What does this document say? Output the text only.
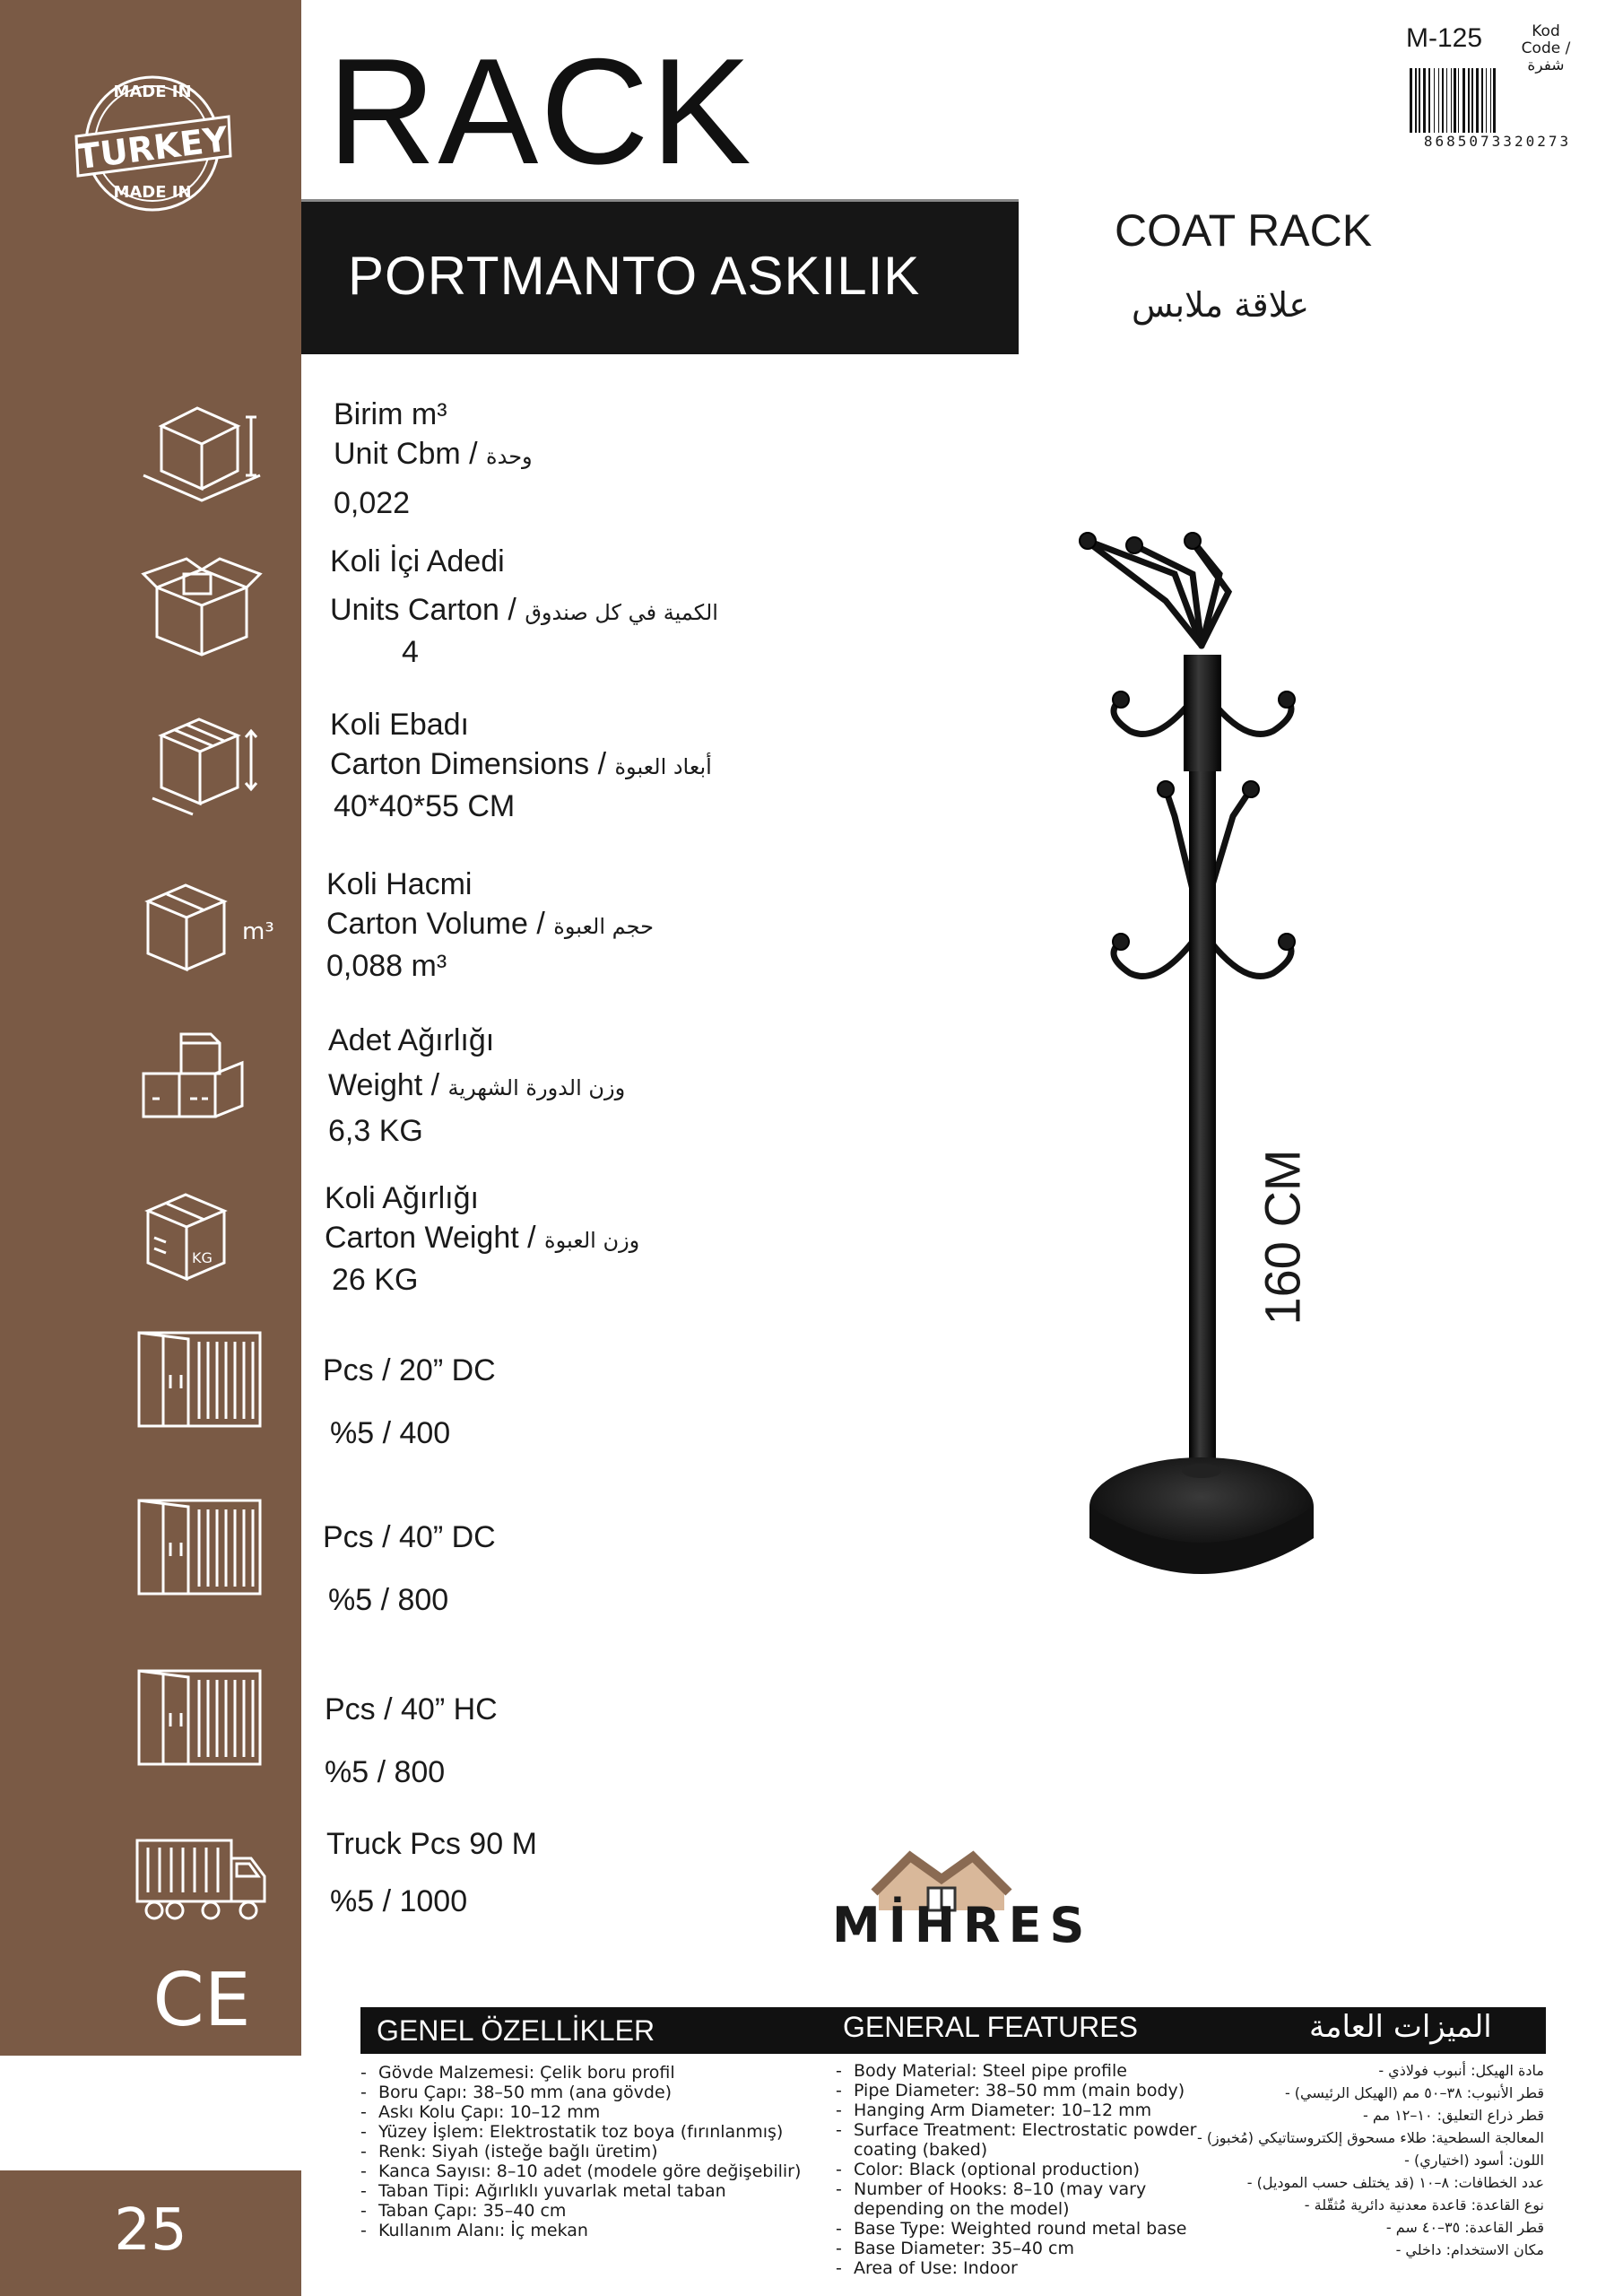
MADE IN
TURKEY
MADE IN
m³
KG
CE
25
RACK
PORTMANTO ASKILIK
COAT RACK
علاقة ملابس
M-125	Kod
Code / شفرة
8685073320273
Birim m³
Unit Cbm / وحدة
0,022
Koli İçi Adedi
Units Carton / الكمية في كل صندوق
4
Koli Ebadı
Carton Dimensions / أبعاد العبوة
40*40*55 CM
Koli Hacmi
Carton Volume / حجم العبوة
0,088 m³
Adet Ağırlığı
Weight / وزن الدورة الشهرية
6,3 KG
Koli Ağırlığı
Carton Weight / وزن العبوة
26 KG
Pcs / 20” DC
%5 / 400
Pcs / 40” DC
%5 / 800
Pcs / 40” HC
%5 / 800
Truck Pcs 90 M
%5 / 1000
160 CM
MİHRES
GENEL ÖZELLİKLER	GENERAL FEATURES	الميزات العامة
- Gövde Malzemesi: Çelik boru profil
- Boru Çapı: 38–50 mm (ana gövde)
- Askı Kolu Çapı: 10–12 mm
- Yüzey İşlem: Elektrostatik toz boya (fırınlanmış)
- Renk: Siyah (isteğe bağlı üretim)
- Kanca Sayısı: 8–10 adet (modele göre değişebilir)
- Taban Tipi: Ağırlıklı yuvarlak metal taban
- Taban Çapı: 35–40 cm
- Kullanım Alanı: İç mekan
- Body Material: Steel pipe profile
- Pipe Diameter: 38–50 mm (main body)
- Hanging Arm Diameter: 10–12 mm
- Surface Treatment: Electrostatic powder coating (baked)
- Color: Black (optional production)
- Number of Hooks: 8–10 (may vary depending on the model)
- Base Type: Weighted round metal base
- Base Diameter: 35–40 cm
- Area of Use: Indoor
مادة الهيكل: أنبوب فولاذي -
قطر الأنبوب: ٣٨–٥٠ مم (الهيكل الرئيسي) -
قطر ذراع التعليق: ١٠–١٢ مم -
المعالجة السطحية: طلاء مسحوق إلكتروستاتيكي (مُخبوز) -
اللون: أسود (اختياري) -
عدد الخطافات: ٨–١٠ (قد يختلف حسب الموديل) -
نوع القاعدة: قاعدة معدنية دائرية مُثقّلة -
قطر القاعدة: ٣٥–٤٠ سم -
مكان الاستخدام: داخلي -
